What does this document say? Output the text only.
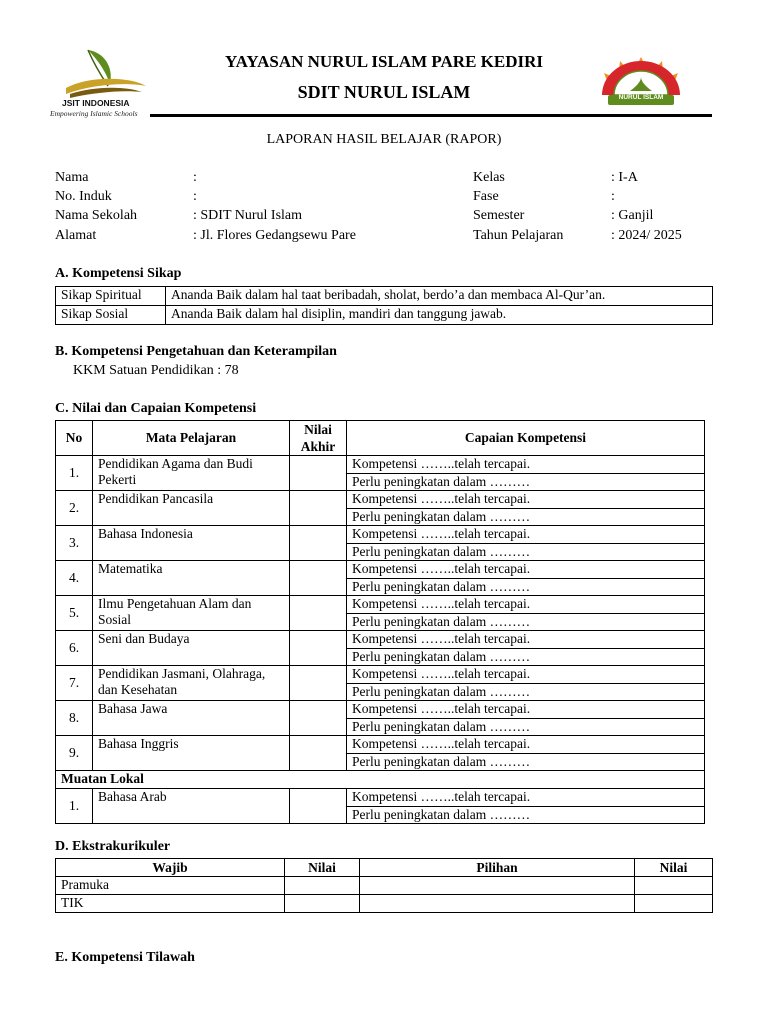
JSIT INDONESIA
Empowering Islamic Schools
NURUL ISLAM
YAYASAN NURUL ISLAM PARE KEDIRI
SDIT NURUL ISLAM
LAPORAN HASIL BELAJAR (RAPOR)
Nama	:
No. Induk	:
Nama Sekolah	: SDIT Nurul Islam
Alamat	: Jl. Flores Gedangsewu Pare
Kelas	: I-A
Fase	:
Semester	: Ganjil
Tahun Pelajaran	: 2024/ 2025
A. Kompetensi Sikap
Sikap Spiritual	Ananda Baik dalam hal taat beribadah, sholat, berdo’a dan membaca Al-Qur’an.
Sikap Sosial	Ananda Baik dalam hal disiplin, mandiri dan tanggung jawab.
B. Kompetensi Pengetahuan dan Keterampilan
KKM Satuan Pendidikan : 78
C. Nilai dan Capaian Kompetensi
No	Mata Pelajaran	Nilai Akhir	Capaian Kompetensi
1.	Pendidikan Agama dan Budi Pekerti		Kompetensi ……..telah tercapai.
			Perlu peningkatan dalam ………
2.	Pendidikan Pancasila		Kompetensi ……..telah tercapai.
			Perlu peningkatan dalam ………
3.	Bahasa Indonesia		Kompetensi ……..telah tercapai.
			Perlu peningkatan dalam ………
4.	Matematika		Kompetensi ……..telah tercapai.
			Perlu peningkatan dalam ………
5.	Ilmu Pengetahuan Alam dan Sosial		Kompetensi ……..telah tercapai.
			Perlu peningkatan dalam ………
6.	Seni dan Budaya		Kompetensi ……..telah tercapai.
			Perlu peningkatan dalam ………
7.	Pendidikan Jasmani, Olahraga, dan Kesehatan		Kompetensi ……..telah tercapai.
			Perlu peningkatan dalam ………
8.	Bahasa Jawa		Kompetensi ……..telah tercapai.
			Perlu peningkatan dalam ………
9.	Bahasa Inggris		Kompetensi ……..telah tercapai.
			Perlu peningkatan dalam ………
Muatan Lokal			
1.	Bahasa Arab		Kompetensi ……..telah tercapai.
			Perlu peningkatan dalam ………
D. Ekstrakurikuler
Wajib	Nilai	Pilihan	Nilai
Pramuka			
TIK			
E. Kompetensi Tilawah
